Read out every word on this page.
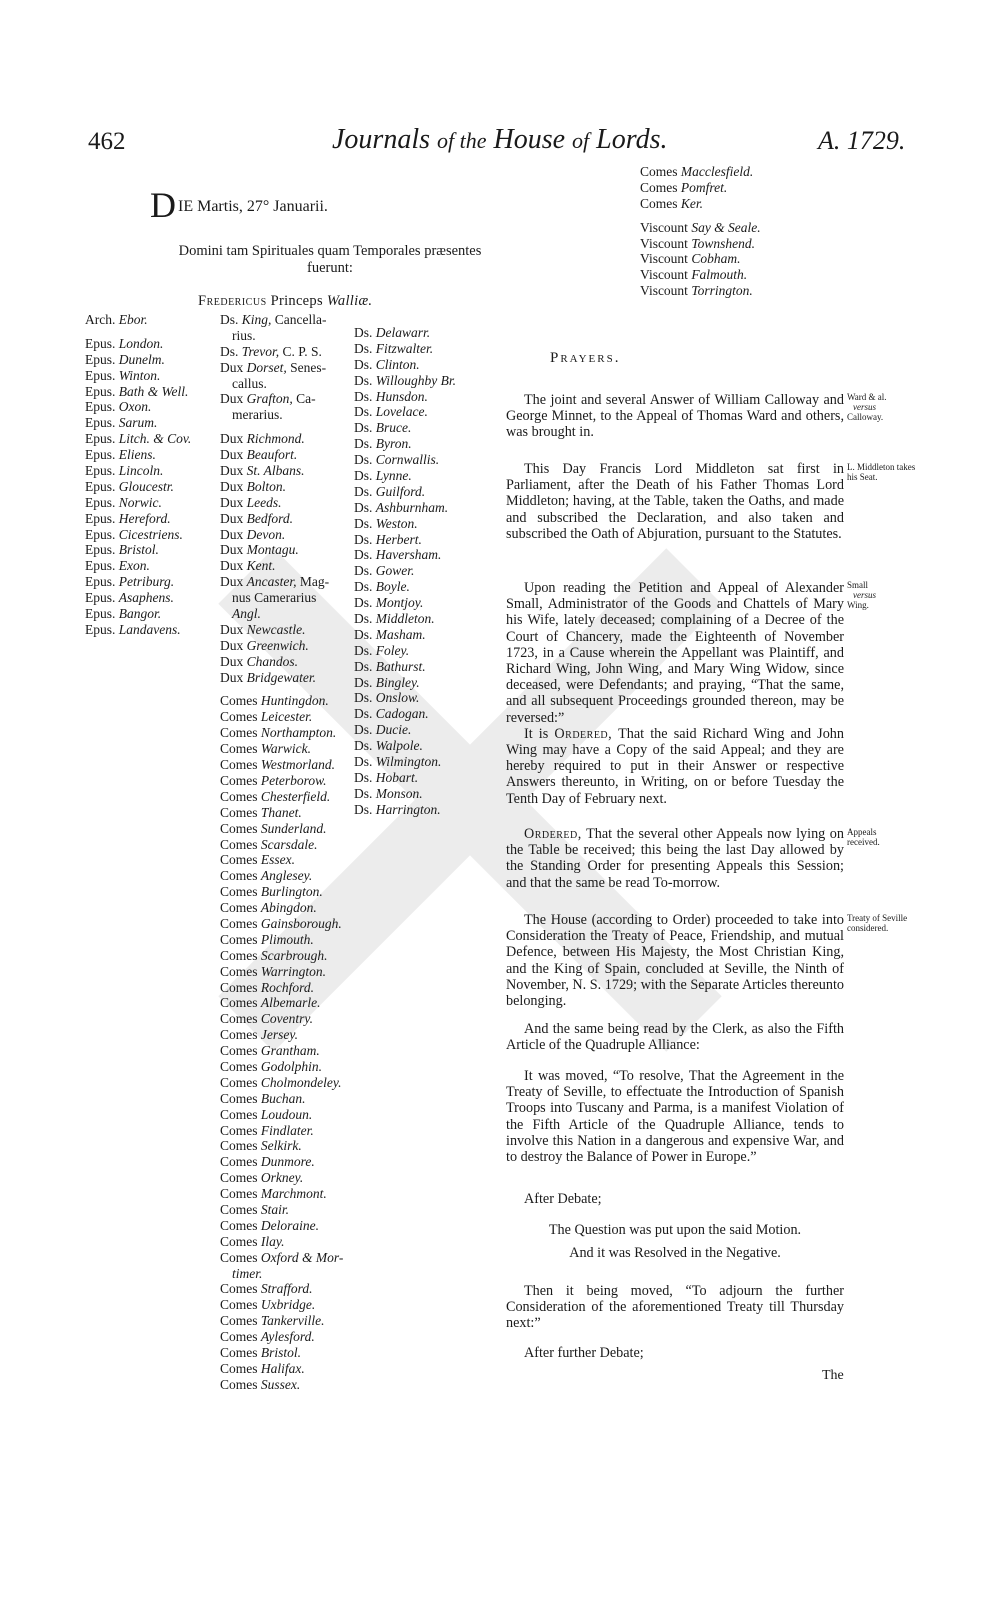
462	Journals of the House of Lords.	A. 1729.
DIE Martis, 27° Januarii.
Domini tam Spirituales quam Temporales præsentes fuerunt:
Fredericus Princeps Walliæ.
Arch. Ebor.
Epus. London.
Epus. Dunelm.
Epus. Winton.
Epus. Bath & Well.
Epus. Oxon.
Epus. Sarum.
Epus. Litch. & Cov.
Epus. Eliens.
Epus. Lincoln.
Epus. Gloucestr.
Epus. Norwic.
Epus. Hereford.
Epus. Cicestriens.
Epus. Bristol.
Epus. Exon.
Epus. Petriburg.
Epus. Asaphens.
Epus. Bangor.
Epus. Landavens.
Ds. King, Cancella-
rius.
Ds. Trevor, C. P. S.
Dux Dorset, Senes-
callus.
Dux Grafton, Ca-
merarius.
Dux Richmond.
Dux Beaufort.
Dux St. Albans.
Dux Bolton.
Dux Leeds.
Dux Bedford.
Dux Devon.
Dux Montagu.
Dux Kent.
Dux Ancaster, Mag-
nus Camerarius
Angl.
Dux Newcastle.
Dux Greenwich.
Dux Chandos.
Dux Bridgewater.
Comes Huntingdon.
Comes Leicester.
Comes Northampton.
Comes Warwick.
Comes Westmorland.
Comes Peterborow.
Comes Chesterfield.
Comes Thanet.
Comes Sunderland.
Comes Scarsdale.
Comes Essex.
Comes Anglesey.
Comes Burlington.
Comes Abingdon.
Comes Gainsborough.
Comes Plimouth.
Comes Scarbrough.
Comes Warrington.
Comes Rochford.
Comes Albemarle.
Comes Coventry.
Comes Jersey.
Comes Grantham.
Comes Godolphin.
Comes Cholmondeley.
Comes Buchan.
Comes Loudoun.
Comes Findlater.
Comes Selkirk.
Comes Dunmore.
Comes Orkney.
Comes Marchmont.
Comes Stair.
Comes Deloraine.
Comes Ilay.
Comes Oxford & Mor-
timer.
Comes Strafford.
Comes Uxbridge.
Comes Tankerville.
Comes Aylesford.
Comes Bristol.
Comes Halifax.
Comes Sussex.
Ds. Delawarr.
Ds. Fitzwalter.
Ds. Clinton.
Ds. Willoughby Br.
Ds. Hunsdon.
Ds. Lovelace.
Ds. Bruce.
Ds. Byron.
Ds. Cornwallis.
Ds. Lynne.
Ds. Guilford.
Ds. Ashburnham.
Ds. Weston.
Ds. Herbert.
Ds. Haversham.
Ds. Gower.
Ds. Boyle.
Ds. Montjoy.
Ds. Middleton.
Ds. Masham.
Ds. Foley.
Ds. Bathurst.
Ds. Bingley.
Ds. Onslow.
Ds. Cadogan.
Ds. Ducie.
Ds. Walpole.
Ds. Wilmington.
Ds. Hobart.
Ds. Monson.
Ds. Harrington.
Comes Macclesfield.
Comes Pomfret.
Comes Ker.
Viscount Say & Seale.
Viscount Townshend.
Viscount Cobham.
Viscount Falmouth.
Viscount Torrington.
Prayers.
The joint and several Answer of William Calloway and George Minnet, to the Appeal of Thomas Ward and others, was brought in.
This Day Francis Lord Middleton sat first in Parliament, after the Death of his Father Thomas Lord Middleton; having, at the Table, taken the Oaths, and made and subscribed the Declaration, and also taken and subscribed the Oath of Abjuration, pursuant to the Statutes.
Upon reading the Petition and Appeal of Alexander Small, Administrator of the Goods and Chattels of Mary his Wife, lately deceased; complaining of a Decree of the Court of Chancery, made the Eighteenth of November 1723, in a Cause wherein the Appellant was Plaintiff, and Richard Wing, John Wing, and Mary Wing Widow, since deceased, were Defendants; and praying, “That the same, and all subsequent Proceedings grounded thereon, may be reversed:”
It is Ordered, That the said Richard Wing and John Wing may have a Copy of the said Appeal; and they are hereby required to put in their Answer or respective Answers thereunto, in Writing, on or before Tuesday the Tenth Day of February next.
Ordered, That the several other Appeals now lying on the Table be received; this being the last Day allowed by the Standing Order for presenting Appeals this Session; and that the same be read To-morrow.
The House (according to Order) proceeded to take into Consideration the Treaty of Peace, Friendship, and mutual Defence, between His Majesty, the Most Christian King, and the King of Spain, concluded at Seville, the Ninth of November, N. S. 1729; with the Separate Articles thereunto belonging.
And the same being read by the Clerk, as also the Fifth Article of the Quadruple Alliance:
It was moved, “To resolve, That the Agreement in the Treaty of Seville, to effectuate the Introduction of Spanish Troops into Tuscany and Parma, is a manifest Violation of the Fifth Article of the Quadruple Alliance, tends to involve this Nation in a dangerous and expensive War, and to destroy the Balance of Power in Europe.”
After Debate;
The Question was put upon the said Motion.
And it was Resolved in the Negative.
Then it being moved, “To adjourn the further Consideration of the aforementioned Treaty till Thursday next:”
After further Debate;
The
Ward & al.
versus
Calloway.
L. Middleton takes his Seat.
Small
versus
Wing.
Appeals received.
Treaty of Seville considered.
